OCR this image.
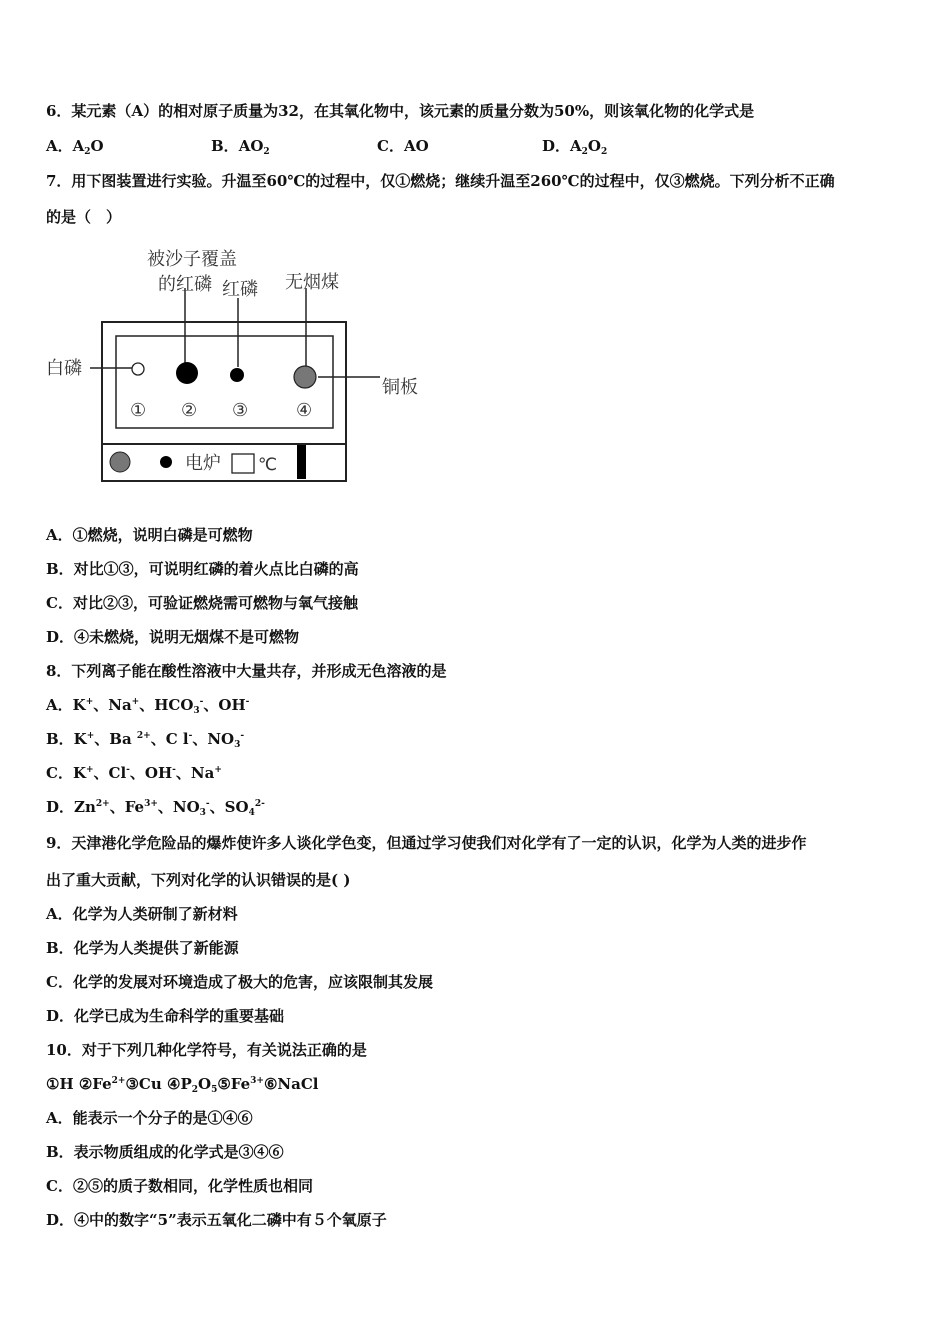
6．某元素（A）的相对原子质量为32，在其氧化物中，该元素的质量分数为50%，则该氧化物的化学式是
A．$A_2O$	B．$AO_2$	C．AO	D．$A_2O_2$
7．用下图装置进行实验。升温至60℃的过程中，仅①燃烧；继续升温至260℃的过程中，仅③燃烧。下列分析不正确
的是（　）
被沙子覆盖
的红磷 红磷 无烟煤
白磷
铜板
① ② ③	④
电炉 ℃
A．①燃烧，说明白磷是可燃物
B．对比①③，可说明红磷的着火点比白磷的高
C．对比②③，可验证燃烧需可燃物与氧气接触
D．④未燃烧，说明无烟煤不是可燃物
8．下列离子能在酸性溶液中大量共存，并形成无色溶液的是
A．K+、Na+、$HCO_3^-$、OH-
B．K+、Ba $^{2+}$、C l-、$NO_3^-$
C．K+、Cl-、OH-、Na+
D．$Zn^{2+}$、$Fe^{3+}$、$NO_3^-$、$SO_4^{2-}$
9．天津港化学危险品的爆炸使许多人谈化学色变，但通过学习使我们对化学有了一定的认识，化学为人类的进步作
出了重大贡献，下列对化学的认识错误的是( )
A．化学为人类研制了新材料
B．化学为人类提供了新能源
C．化学的发展对环境造成了极大的危害，应该限制其发展
D．化学已成为生命科学的重要基础
10．对于下列几种化学符号，有关说法正确的是
①H $②Fe^{2+}③Cu$ $④P_2O_5⑤Fe^{3+}⑥NaCl$
A．能表示一个分子的是①④⑥
B．表示物质组成的化学式是③④⑥
C．②⑤的质子数相同，化学性质也相同
D．④中的数字“5”表示五氧化二磷中有５个氧原子
